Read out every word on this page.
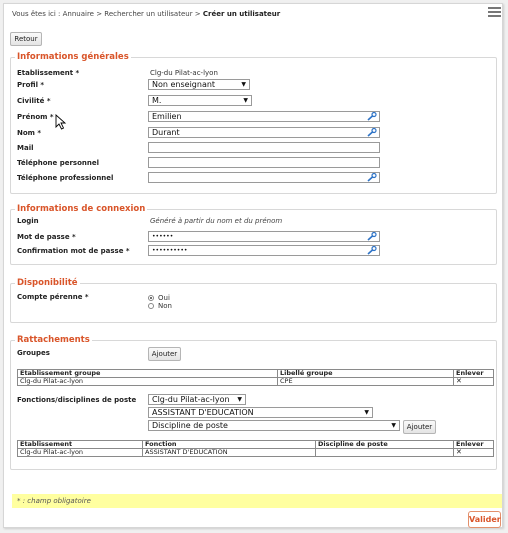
Vous êtes ici : Annuaire > Rechercher un utilisateur > Créer un utilisateur
Retour
Informations générales
Etablissement *	Clg-du Pilat-ac-lyon
Profil *	Non enseignant	▼
Civilité *	M.	▼
Prénom *	Emilien
Nom *	Durant
Mail
Téléphone personnel
Téléphone professionnel
Informations de connexion
Login	Généré à partir du nom et du prénom
Mot de passe *	••••••
Confirmation mot de passe *	••••••••••
Disponibilité
Compte pérenne *	Oui
Non
Rattachements
Groupes	Ajouter
Etablissement groupe	Libellé groupe	Enlever
Clg-du Pilat-ac-lyon	CPE	✕
Fonctions/disciplines de poste	Clg-du Pilat-ac-lyon ▼
ASSISTANT D'EDUCATION	▼
Discipline de poste	▼	Ajouter
Etablissement	Fonction	Discipline de poste	Enlever
Clg-du Pilat-ac-lyon	ASSISTANT D'EDUCATION		✕
* : champ obligatoire
Valider
